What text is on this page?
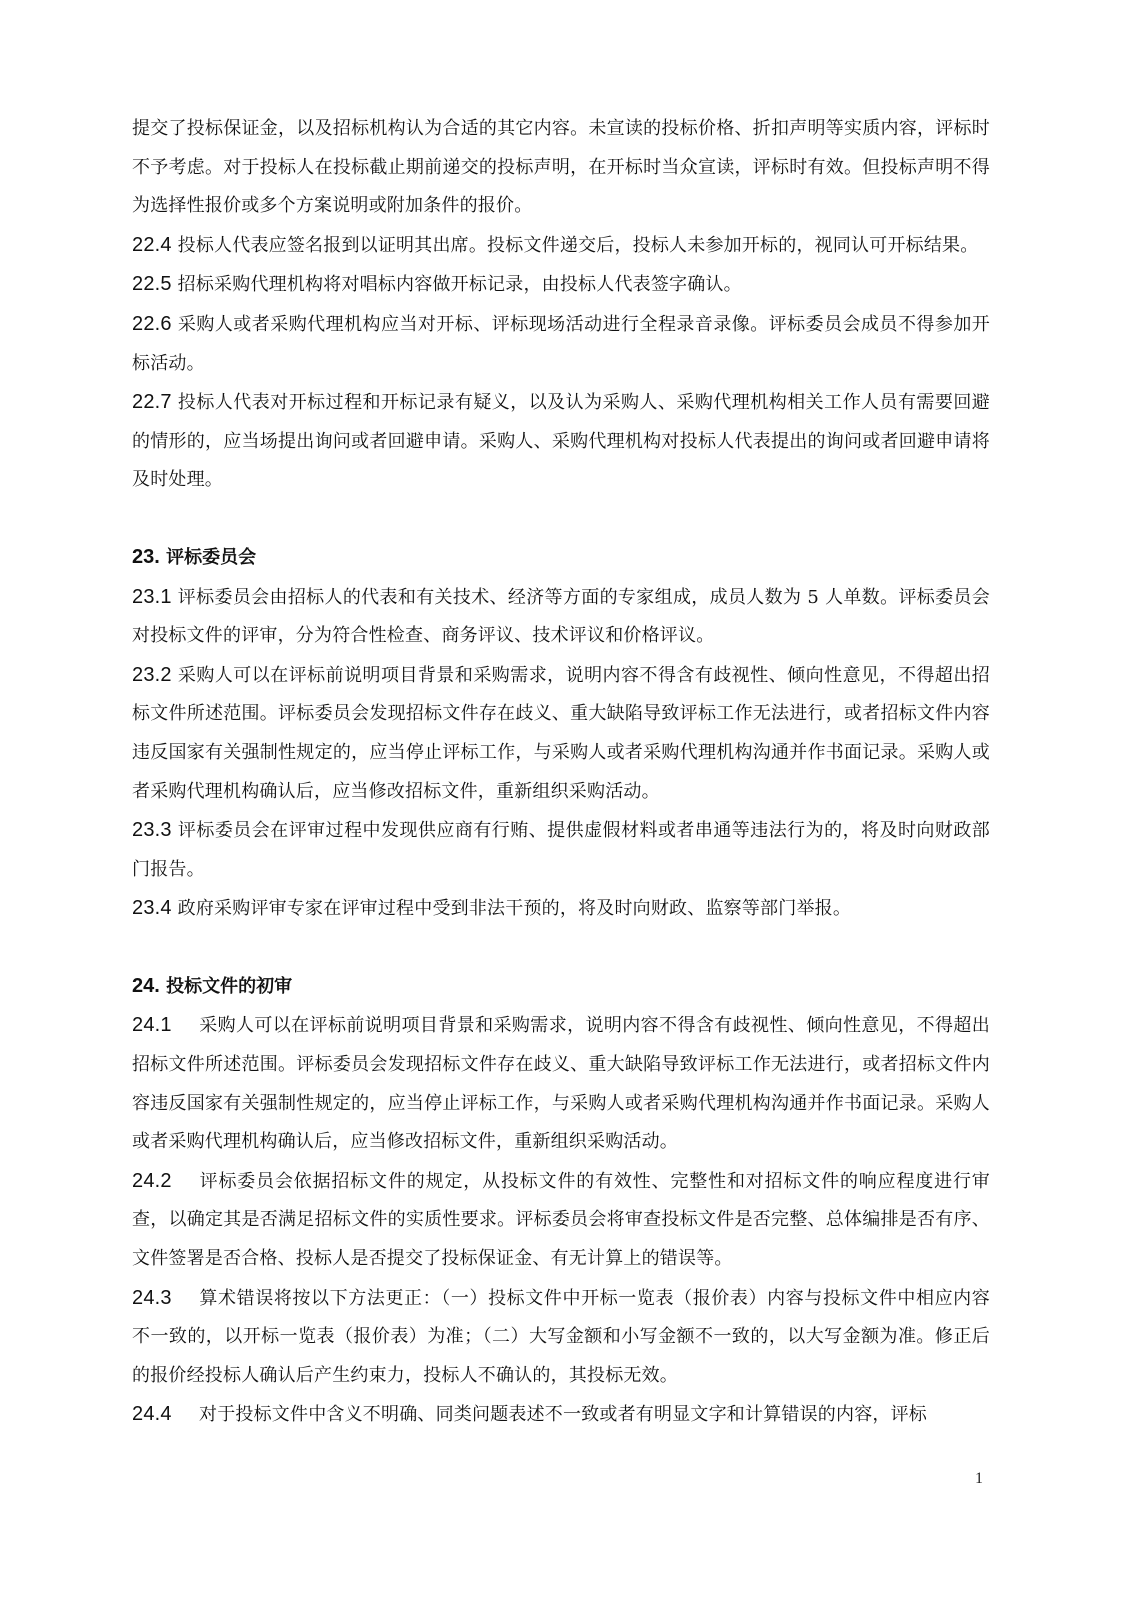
提交了投标保证金，以及招标机构认为合适的其它内容。未宣读的投标价格、折扣声明等实质内容，评标时不予考虑。对于投标人在投标截止期前递交的投标声明，在开标时当众宣读，评标时有效。但投标声明不得为选择性报价或多个方案说明或附加条件的报价。

22.4 投标人代表应签名报到以证明其出席。投标文件递交后，投标人未参加开标的，视同认可开标结果。

22.5 招标采购代理机构将对唱标内容做开标记录，由投标人代表签字确认。

22.6 采购人或者采购代理机构应当对开标、评标现场活动进行全程录音录像。评标委员会成员不得参加开标活动。

22.7 投标人代表对开标过程和开标记录有疑义，以及认为采购人、采购代理机构相关工作人员有需要回避的情形的，应当场提出询问或者回避申请。采购人、采购代理机构对投标人代表提出的询问或者回避申请将及时处理。

23. 评标委员会

23.1 评标委员会由招标人的代表和有关技术、经济等方面的专家组成，成员人数为 5 人单数。评标委员会对投标文件的评审，分为符合性检查、商务评议、技术评议和价格评议。

23.2 采购人可以在评标前说明项目背景和采购需求，说明内容不得含有歧视性、倾向性意见，不得超出招标文件所述范围。评标委员会发现招标文件存在歧义、重大缺陷导致评标工作无法进行，或者招标文件内容违反国家有关强制性规定的，应当停止评标工作，与采购人或者采购代理机构沟通并作书面记录。采购人或者采购代理机构确认后，应当修改招标文件，重新组织采购活动。

23.3 评标委员会在评审过程中发现供应商有行贿、提供虚假材料或者串通等违法行为的，将及时向财政部门报告。

23.4 政府采购评审专家在评审过程中受到非法干预的，将及时向财政、监察等部门举报。

24. 投标文件的初审

24.1 采购人可以在评标前说明项目背景和采购需求，说明内容不得含有歧视性、倾向性意见，不得超出招标文件所述范围。评标委员会发现招标文件存在歧义、重大缺陷导致评标工作无法进行，或者招标文件内容违反国家有关强制性规定的，应当停止评标工作，与采购人或者采购代理机构沟通并作书面记录。采购人或者采购代理机构确认后，应当修改招标文件，重新组织采购活动。

24.2 评标委员会依据招标文件的规定，从投标文件的有效性、完整性和对招标文件的响应程度进行审查，以确定其是否满足招标文件的实质性要求。评标委员会将审查投标文件是否完整、总体编排是否有序、文件签署是否合格、投标人是否提交了投标保证金、有无计算上的错误等。

24.3 算术错误将按以下方法更正：（一）投标文件中开标一览表（报价表）内容与投标文件中相应内容不一致的，以开标一览表（报价表）为准；（二）大写金额和小写金额不一致的，以大写金额为准。修正后的报价经投标人确认后产生约束力，投标人不确认的，其投标无效。

24.4 对于投标文件中含义不明确、同类问题表述不一致或者有明显文字和计算错误的内容，评标

1
